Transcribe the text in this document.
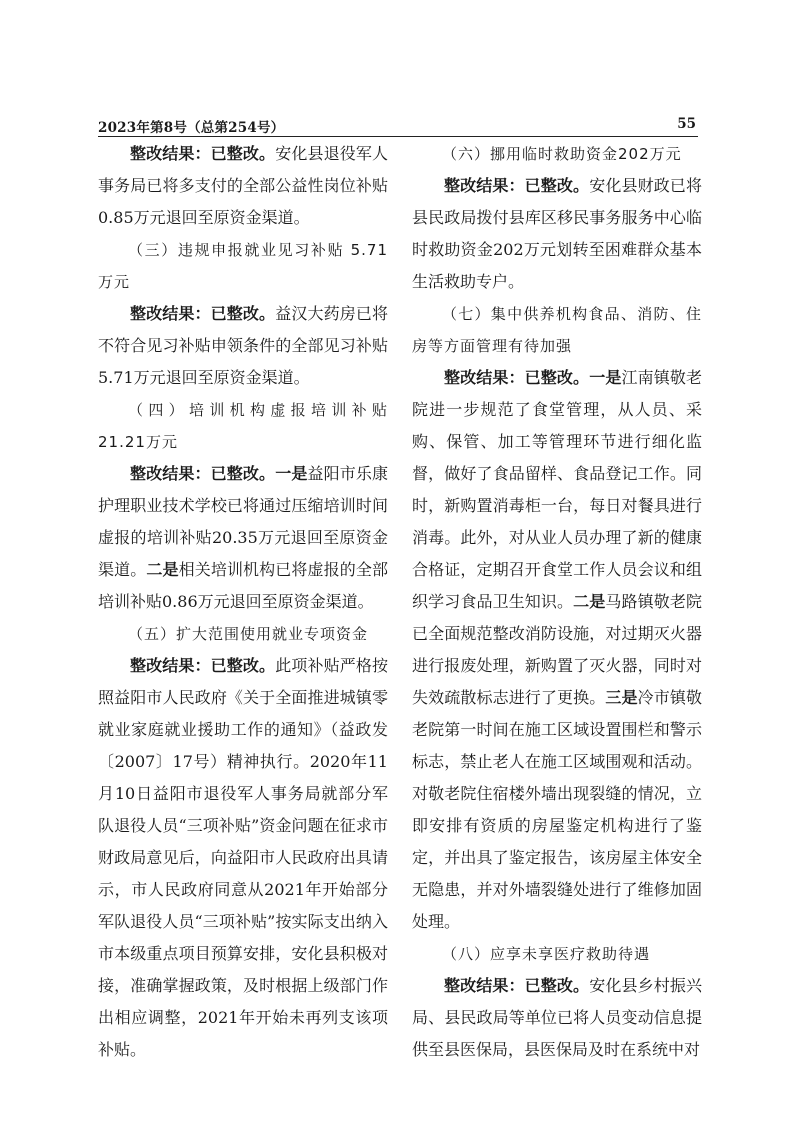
2023年第8号（总第254号）	55

整改结果：已整改。安化县退役军人事务局已将多支付的全部公益性岗位补贴0.85万元退回至原资金渠道。

（三）违规申报就业见习补贴 5.71万元

整改结果：已整改。益汉大药房已将不符合见习补贴申领条件的全部见习补贴5.71万元退回至原资金渠道。

（四）培训机构虚报培训补贴 21.21万元

整改结果：已整改。一是益阳市乐康护理职业技术学校已将通过压缩培训时间虚报的培训补贴20.35万元退回至原资金渠道。二是相关培训机构已将虚报的全部培训补贴0.86万元退回至原资金渠道。

（五）扩大范围使用就业专项资金

整改结果：已整改。此项补贴严格按照益阳市人民政府《关于全面推进城镇零就业家庭就业援助工作的通知》（益政发〔2007〕17号）精神执行。2020年11月10日益阳市退役军人事务局就部分军队退役人员“三项补贴”资金问题在征求市财政局意见后，向益阳市人民政府出具请示，市人民政府同意从2021年开始部分军队退役人员“三项补贴”按实际支出纳入市本级重点项目预算安排，安化县积极对接，准确掌握政策，及时根据上级部门作出相应调整，2021年开始未再列支该项补贴。

（六）挪用临时救助资金202万元

整改结果：已整改。安化县财政已将县民政局拨付县库区移民事务服务中心临时救助资金202万元划转至困难群众基本生活救助专户。

（七）集中供养机构食品、消防、住房等方面管理有待加强

整改结果：已整改。一是江南镇敬老院进一步规范了食堂管理，从人员、采购、保管、加工等管理环节进行细化监督，做好了食品留样、食品登记工作。同时，新购置消毒柜一台，每日对餐具进行消毒。此外，对从业人员办理了新的健康合格证，定期召开食堂工作人员会议和组织学习食品卫生知识。二是马路镇敬老院已全面规范整改消防设施，对过期灭火器进行报废处理，新购置了灭火器，同时对失效疏散标志进行了更换。三是冷市镇敬老院第一时间在施工区域设置围栏和警示标志，禁止老人在施工区域围观和活动。对敬老院住宿楼外墙出现裂缝的情况，立即安排有资质的房屋鉴定机构进行了鉴定，并出具了鉴定报告，该房屋主体安全无隐患，并对外墙裂缝处进行了维修加固处理。

（八）应享未享医疗救助待遇

整改结果：已整改。安化县乡村振兴局、县民政局等单位已将人员变动信息提供至县医保局，县医保局及时在系统中对
